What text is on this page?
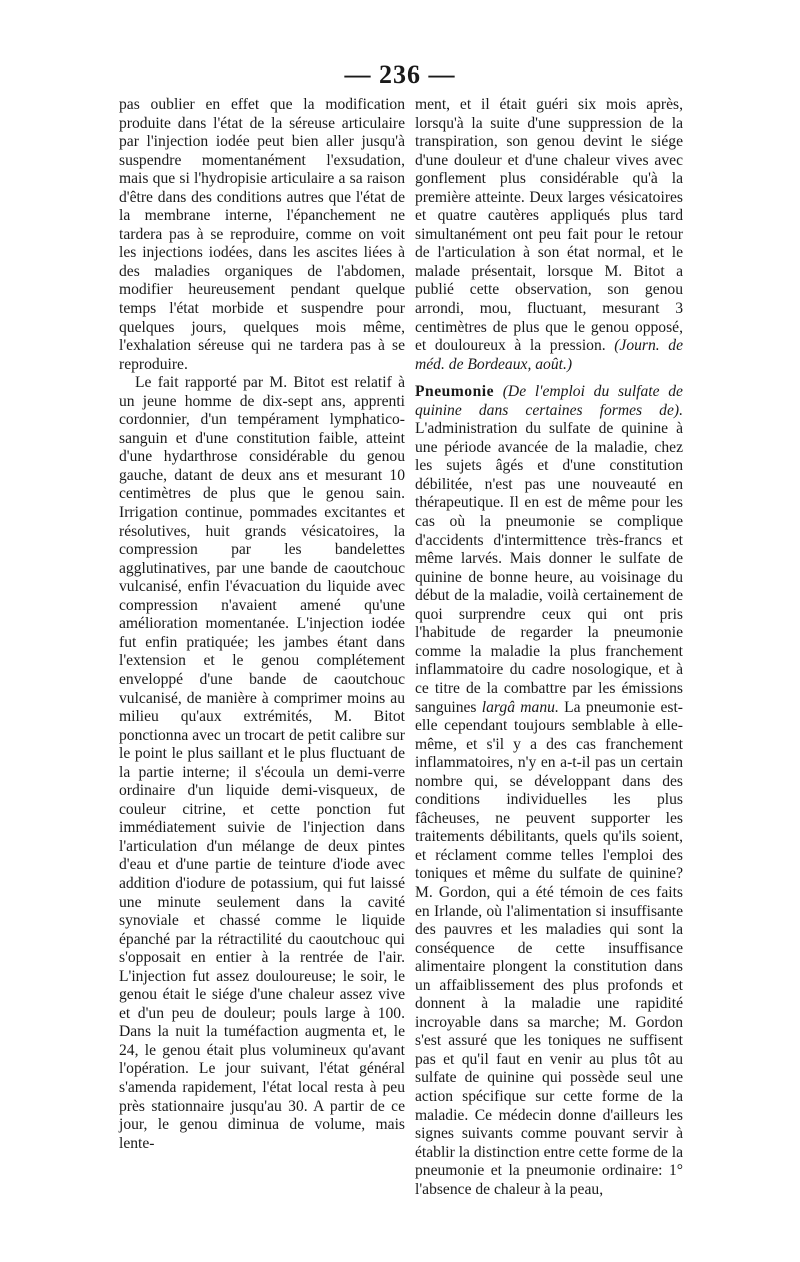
— 236 —

pas oublier en effet que la modification produite dans l'état de la séreuse articulaire par l'injection iodée peut bien aller jusqu'à suspendre momentanément l'exsudation, mais que si l'hydropisie articulaire a sa raison d'être dans des conditions autres que l'état de la membrane interne, l'épanchement ne tardera pas à se reproduire, comme on voit les injections iodées, dans les ascites liées à des maladies organiques de l'abdomen, modifier heureusement pendant quelque temps l'état morbide et suspendre pour quelques jours, quelques mois même, l'exhalation séreuse qui ne tardera pas à se reproduire.

Le fait rapporté par M. Bitot est relatif à un jeune homme de dix-sept ans, apprenti cordonnier, d'un tempérament lymphatico-sanguin et d'une constitution faible, atteint d'une hydarthrose considérable du genou gauche, datant de deux ans et mesurant 10 centimètres de plus que le genou sain. Irrigation continue, pommades excitantes et résolutives, huit grands vésicatoires, la compression par les bandelettes agglutinatives, par une bande de caoutchouc vulcanisé, enfin l'évacuation du liquide avec compression n'avaient amené qu'une amélioration momentanée. L'injection iodée fut enfin pratiquée; les jambes étant dans l'extension et le genou complétement enveloppé d'une bande de caoutchouc vulcanisé, de manière à comprimer moins au milieu qu'aux extrémités, M. Bitot ponctionna avec un trocart de petit calibre sur le point le plus saillant et le plus fluctuant de la partie interne; il s'écoula un demi-verre ordinaire d'un liquide demi-visqueux, de couleur citrine, et cette ponction fut immédiatement suivie de l'injection dans l'articulation d'un mélange de deux pintes d'eau et d'une partie de teinture d'iode avec addition d'iodure de potassium, qui fut laissé une minute seulement dans la cavité synoviale et chassé comme le liquide épanché par la rétractilité du caoutchouc qui s'opposait en entier à la rentrée de l'air. L'injection fut assez douloureuse; le soir, le genou était le siége d'une chaleur assez vive et d'un peu de douleur; pouls large à 100. Dans la nuit la tuméfaction augmenta et, le 24, le genou était plus volumineux qu'avant l'opération. Le jour suivant, l'état général s'amenda rapidement, l'état local resta à peu près stationnaire jusqu'au 30. A partir de ce jour, le genou diminua de volume, mais lente-

ment, et il était guéri six mois après, lorsqu'à la suite d'une suppression de la transpiration, son genou devint le siége d'une douleur et d'une chaleur vives avec gonflement plus considérable qu'à la première atteinte. Deux larges vésicatoires et quatre cautères appliqués plus tard simultanément ont peu fait pour le retour de l'articulation à son état normal, et le malade présentait, lorsque M. Bitot a publié cette observation, son genou arrondi, mou, fluctuant, mesurant 3 centimètres de plus que le genou opposé, et douloureux à la pression. (Journ. de méd. de Bordeaux, août.)

Pneumonie (De l'emploi du sulfate de quinine dans certaines formes de). L'administration du sulfate de quinine à une période avancée de la maladie, chez les sujets âgés et d'une constitution débilitée, n'est pas une nouveauté en thérapeutique. Il en est de même pour les cas où la pneumonie se complique d'accidents d'intermittence très-francs et même larvés. Mais donner le sulfate de quinine de bonne heure, au voisinage du début de la maladie, voilà certainement de quoi surprendre ceux qui ont pris l'habitude de regarder la pneumonie comme la maladie la plus franchement inflammatoire du cadre nosologique, et à ce titre de la combattre par les émissions sanguines largâ manu. La pneumonie est-elle cependant toujours semblable à elle-même, et s'il y a des cas franchement inflammatoires, n'y en a-t-il pas un certain nombre qui, se développant dans des conditions individuelles les plus fâcheuses, ne peuvent supporter les traitements débilitants, quels qu'ils soient, et réclament comme telles l'emploi des toniques et même du sulfate de quinine? M. Gordon, qui a été témoin de ces faits en Irlande, où l'alimentation si insuffisante des pauvres et les maladies qui sont la conséquence de cette insuffisance alimentaire plongent la constitution dans un affaiblissement des plus profonds et donnent à la maladie une rapidité incroyable dans sa marche; M. Gordon s'est assuré que les toniques ne suffisent pas et qu'il faut en venir au plus tôt au sulfate de quinine qui possède seul une action spécifique sur cette forme de la maladie. Ce médecin donne d'ailleurs les signes suivants comme pouvant servir à établir la distinction entre cette forme de la pneumonie et la pneumonie ordinaire: 1° l'absence de chaleur à la peau,
